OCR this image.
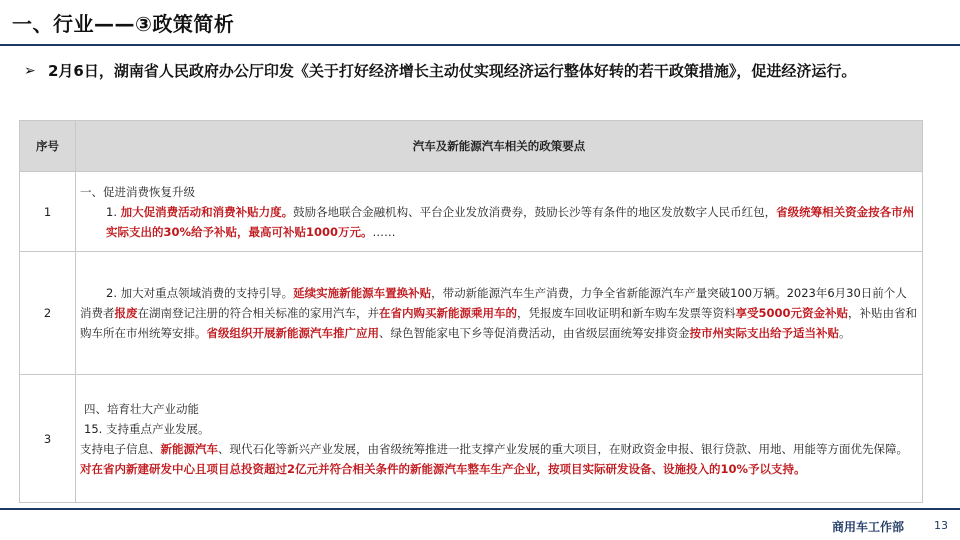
一、行业——③政策简析
➢ 2月6日，湖南省人民政府办公厅印发《关于打好经济增长主动仗实现经济运行整体好转的若干政策措施》，促进经济运行。
序号	汽车及新能源汽车相关的政策要点
1	一、促进消费恢复升级
1. 加大促消费活动和消费补贴力度。鼓励各地联合金融机构、平台企业发放消费券，鼓励长沙等有条件的地区发放数字人民币红包，省级统筹相关资金按各市州实际支出的30%给予补贴，最高可补贴1000万元。……

2	2. 加大对重点领域消费的支持引导。延续实施新能源车置换补贴，带动新能源汽车生产消费，力争全省新能源汽车产量突破100万辆。2023年6月30日前个人消费者报废在湖南登记注册的符合相关标准的家用汽车，并在省内购买新能源乘用车的，凭报废车回收证明和新车购车发票等资料享受5000元资金补贴，补贴由省和购车所在市州统筹安排。省级组织开展新能源汽车推广应用、绿色智能家电下乡等促消费活动，由省级层面统筹安排资金按市州实际支出给予适当补贴。

3	四、培育壮大产业动能
15. 支持重点产业发展。
支持电子信息、新能源汽车、现代石化等新兴产业发展，由省级统筹推进一批支撑产业发展的重大项目，在财政资金申报、银行贷款、用地、用能等方面优先保障。对在省内新建研发中心且项目总投资超过2亿元并符合相关条件的新能源汽车整车生产企业，按项目实际研发设备、设施投入的10%予以支持。
商用车工作部	13
